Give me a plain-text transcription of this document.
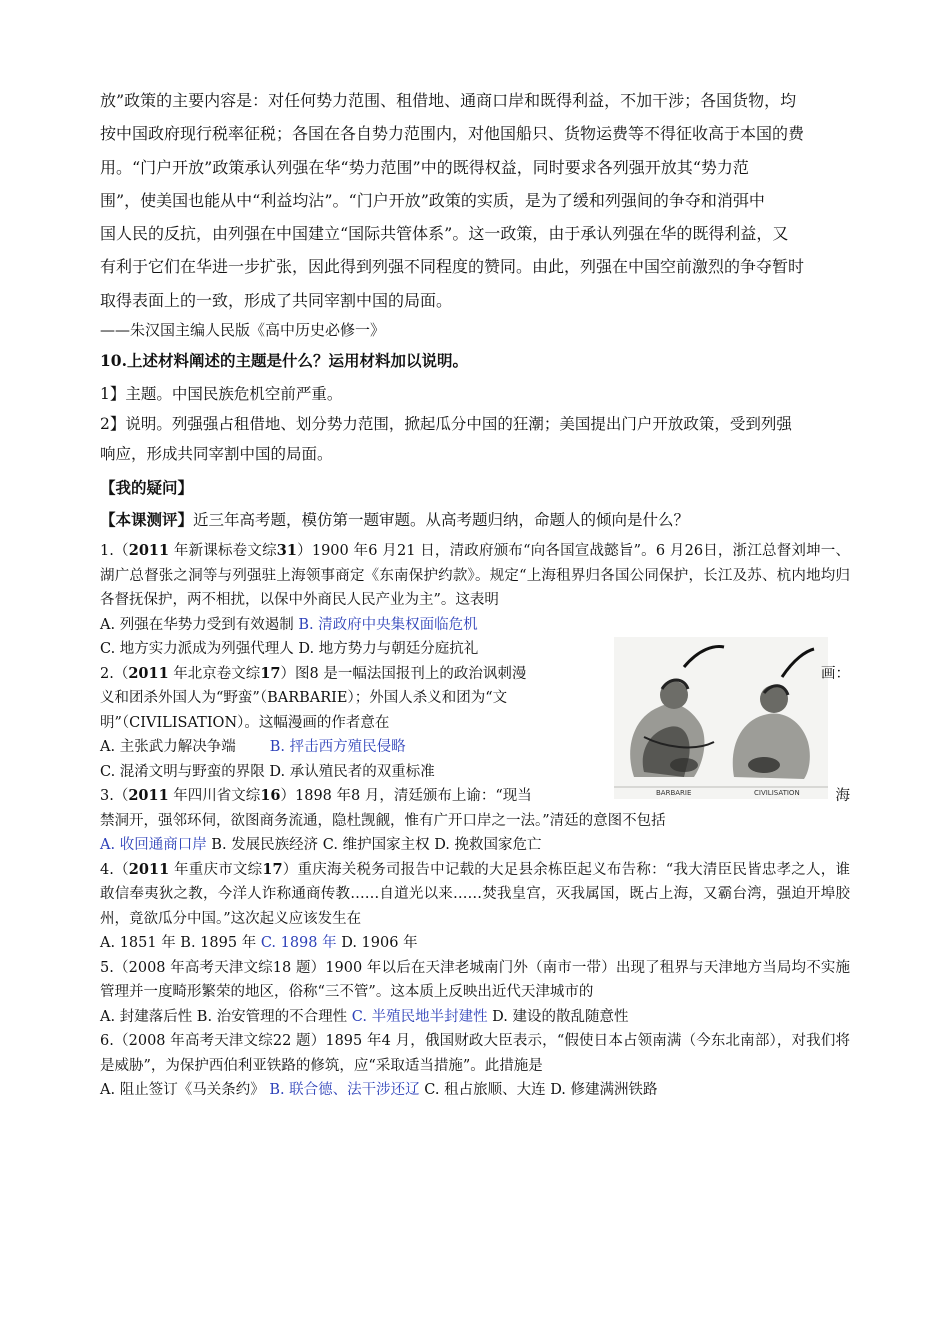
放”政策的主要内容是：对任何势力范围、租借地、通商口岸和既得利益，不加干涉；各国货物，均

按中国政府现行税率征税；各国在各自势力范围内，对他国船只、货物运费等不得征收高于本国的费

用。“门户开放”政策承认列强在华“势力范围”中的既得权益，同时要求各列强开放其“势力范

围”，使美国也能从中“利益均沾”。“门户开放”政策的实质，是为了缓和列强间的争夺和消弭中

国人民的反抗，由列强在中国建立“国际共管体系”。这一政策，由于承认列强在华的既得利益，又

有利于它们在华进一步扩张，因此得到列强不同程度的赞同。由此，列强在中国空前激烈的争夺暂时

取得表面上的一致，形成了共同宰割中国的局面。

——朱汉国主编人民版《高中历史必修一》

10.上述材料阐述的主题是什么？运用材料加以说明。

1】主题。中国民族危机空前严重。

2】说明。列强强占租借地、划分势力范围，掀起瓜分中国的狂潮；美国提出门户开放政策，受到列强

响应，形成共同宰割中国的局面。

【我的疑问】

【本课测评】近三年高考题，模仿第一题审题。从高考题归纳，命题人的倾向是什么？

1.（2011 年新课标卷文综31）1900 年6 月21 日，清政府颁布“向各国宣战懿旨”。6 月26日，浙江总督刘坤一、湖广总督张之洞等与列强驻上海领事商定《东南保护约款》。规定“上海租界归各国公同保护，长江及苏、杭内地均归各督抚保护，两不相扰，以保中外商民人民产业为主”。这表明

A. 列强在华势力受到有效遏制 B. 清政府中央集权面临危机

C. 地方实力派成为列强代理人 D. 地方势力与朝廷分庭抗礼

BARBARIE	CIVILISATION

2.（2011 年北京卷文综17）图8 是一幅法国报刊上的政治讽刺漫	画：

义和团杀外国人为“野蛮”（BARBARIE）；外国人杀义和团为“文

明”（CIVILISATION）。这幅漫画的作者意在

A. 主张武力解决争端 B. 抨击西方殖民侵略

C. 混淆文明与野蛮的界限 D. 承认殖民者的双重标准

3.（2011 年四川省文综16）1898 年8 月，清廷颁布上谕：“现当	海

禁洞开，强邻环伺，欲图商务流通，隐杜觊觎，惟有广开口岸之一法。”清廷的意图不包括

A. 收回通商口岸 B. 发展民族经济 C. 维护国家主权 D. 挽救国家危亡

4.（2011 年重庆市文综17）重庆海关税务司报告中记载的大足县余栋臣起义布告称：“我大清臣民皆忠孝之人，谁敢信奉夷狄之教，今洋人诈称通商传教……自道光以来……焚我皇宫，灭我属国，既占上海，又霸台湾，强迫开埠胶州，竟欲瓜分中国。”这次起义应该发生在

A. 1851 年 B. 1895 年 C. 1898 年 D. 1906 年

5.（2008 年高考天津文综18 题）1900 年以后在天津老城南门外（南市一带）出现了租界与天津地方当局均不实施管理并一度畸形繁荣的地区，俗称“三不管”。这本质上反映出近代天津城市的

A. 封建落后性 B. 治安管理的不合理性 C. 半殖民地半封建性 D. 建设的散乱随意性

6.（2008 年高考天津文综22 题）1895 年4 月，俄国财政大臣表示，“假使日本占领南满（今东北南部），对我们将是威胁”，为保护西伯利亚铁路的修筑，应“采取适当措施”。此措施是

A. 阻止签订《马关条约》 B. 联合德、法干涉还辽 C. 租占旅顺、大连 D. 修建满洲铁路
